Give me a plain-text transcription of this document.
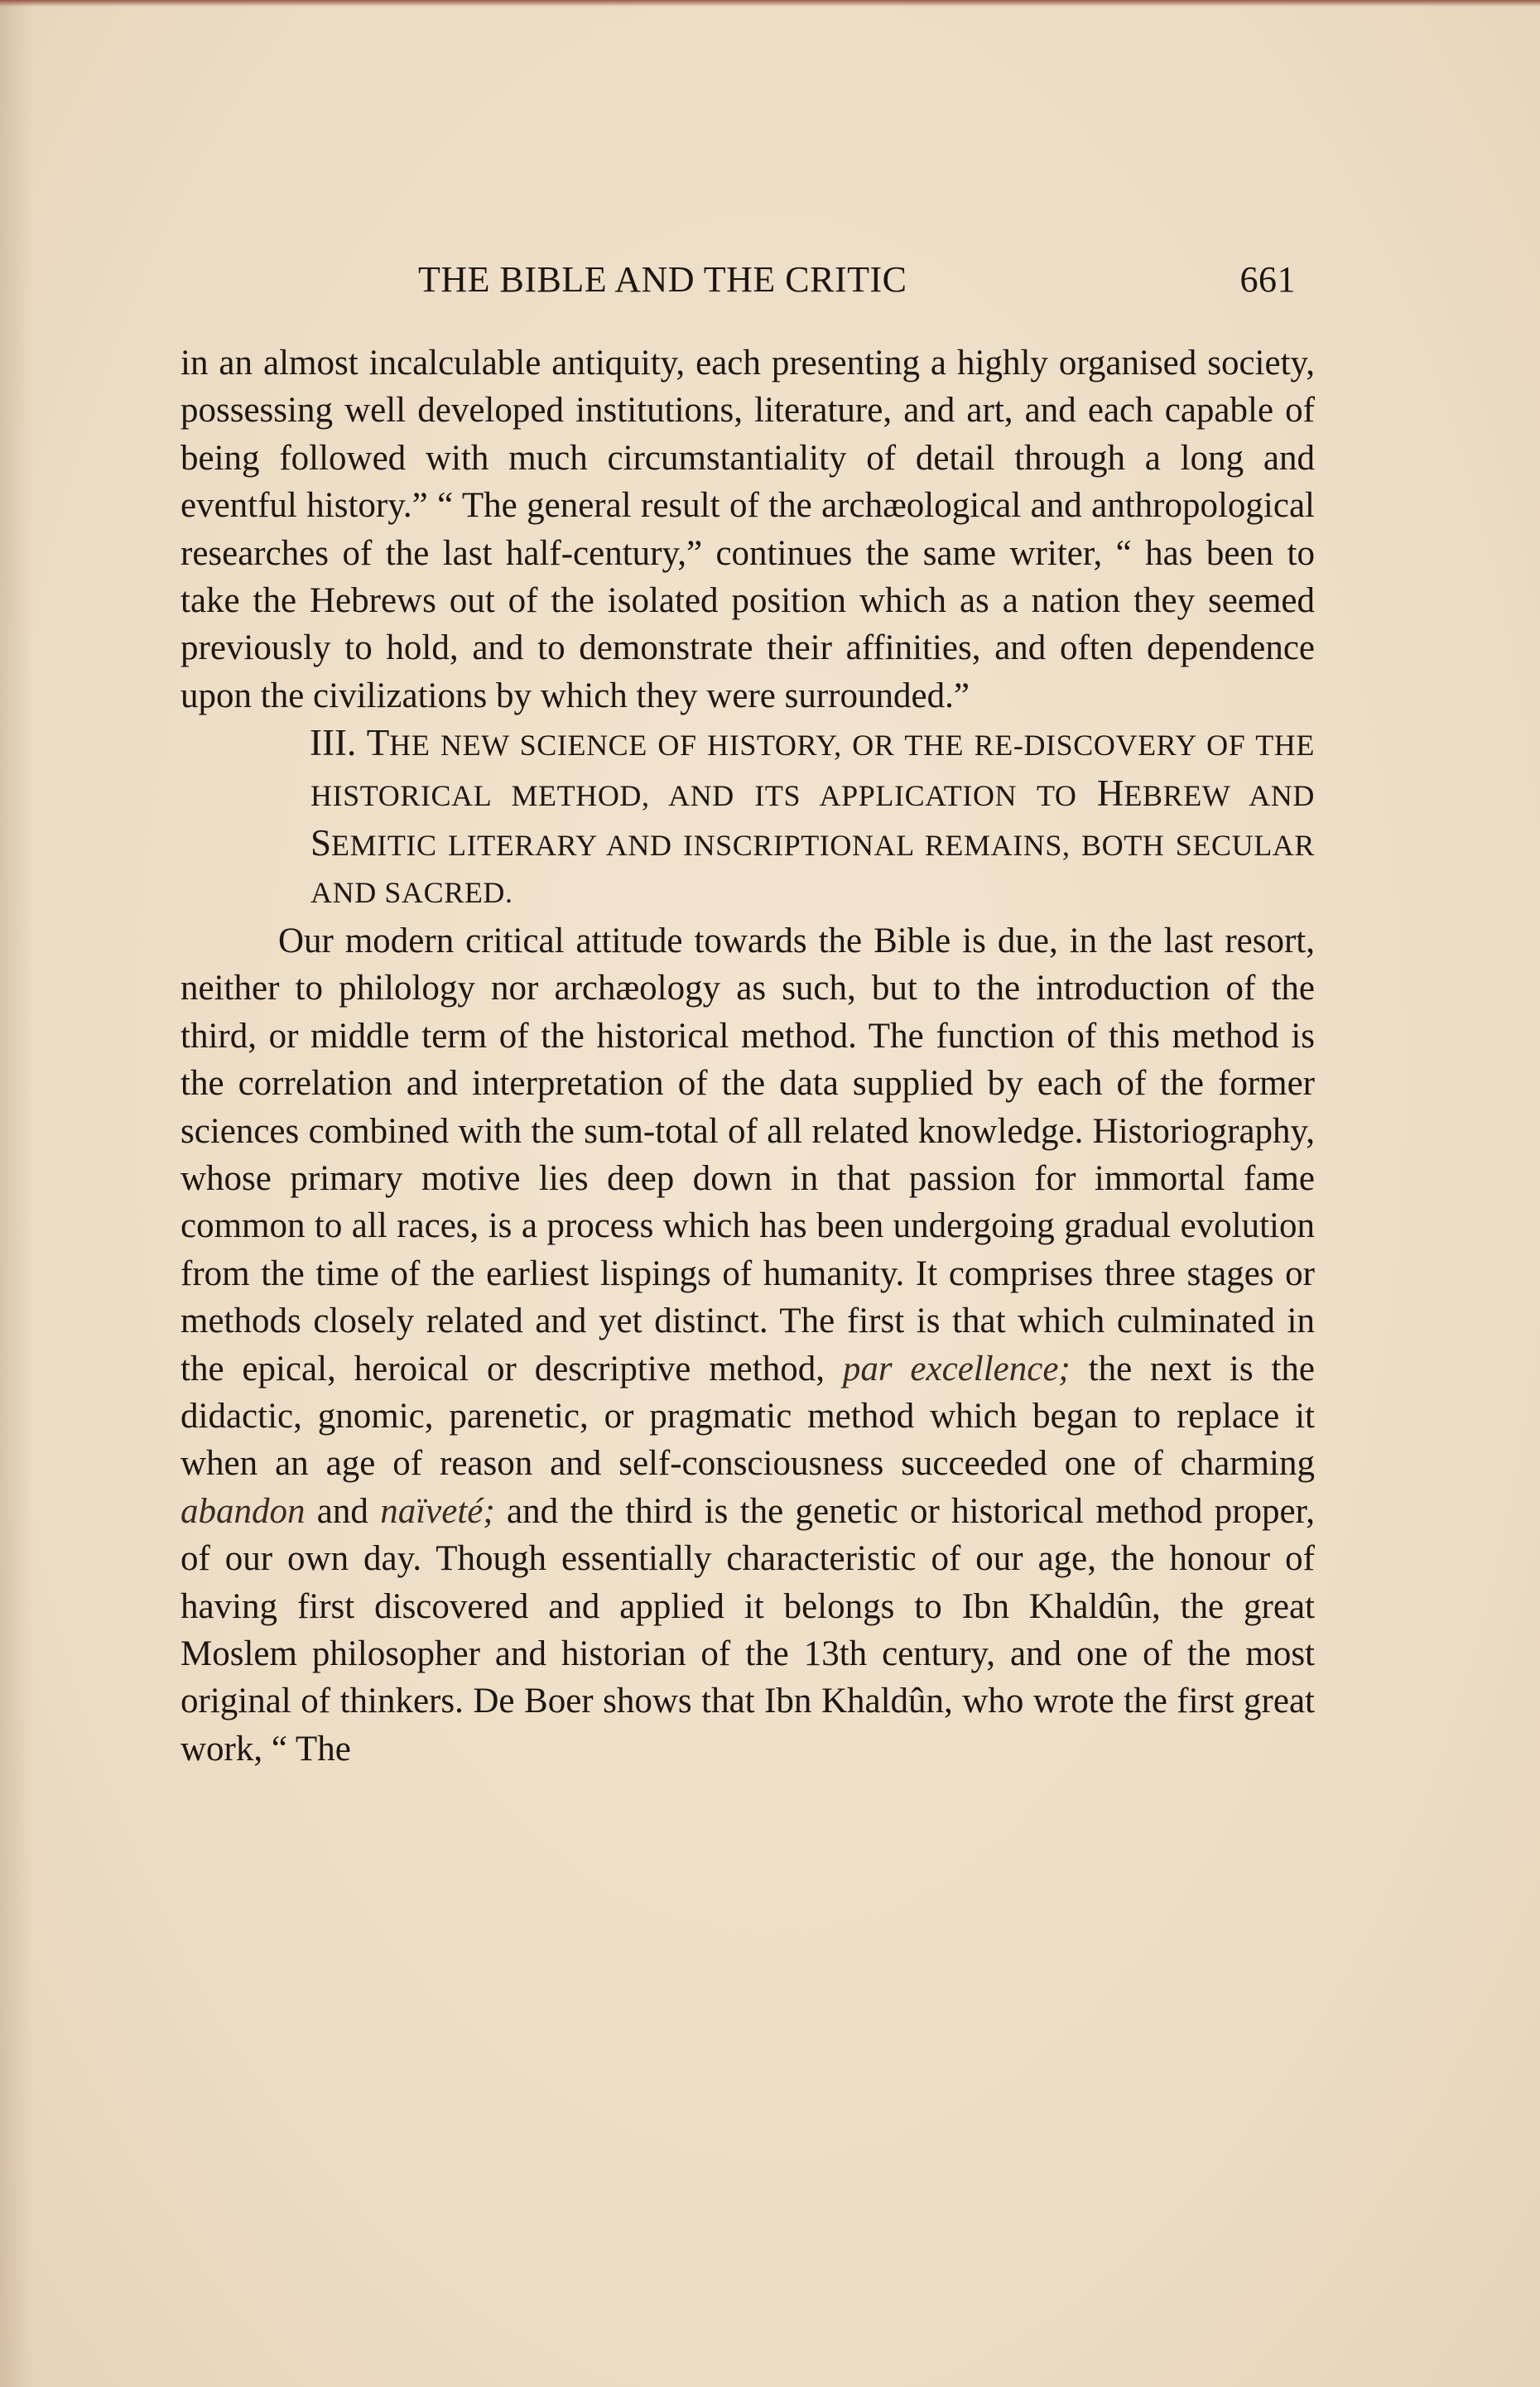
THE BIBLE AND THE CRITIC	661

in an almost incalculable antiquity, each presenting a highly organised society, possessing well developed institutions, literature, and art, and each capable of being followed with much circumstantiality of detail through a long and eventful history.” “ The general result of the archæological and anthropological researches of the last half-century,” continues the same writer, “ has been to take the Hebrews out of the isolated position which as a nation they seemed previously to hold, and to demonstrate their affinities, and often dependence upon the civilizations by which they were surrounded.”

III. THE NEW SCIENCE OF HISTORY, OR THE RE-DISCOVERY OF THE HISTORICAL METHOD, AND ITS APPLICATION TO HEBREW AND SEMITIC LITERARY AND INSCRIPTIONAL REMAINS, BOTH SECULAR AND SACRED.

Our modern critical attitude towards the Bible is due, in the last resort, neither to philology nor archæology as such, but to the introduction of the third, or middle term of the historical method. The function of this method is the correlation and interpretation of the data supplied by each of the former sciences combined with the sum-total of all related knowledge. Historiography, whose primary motive lies deep down in that passion for immortal fame common to all races, is a process which has been undergoing gradual evolution from the time of the earliest lispings of humanity. It comprises three stages or methods closely related and yet distinct. The first is that which culminated in the epical, heroical or descriptive method, par excellence; the next is the didactic, gnomic, parenetic, or pragmatic method which began to replace it when an age of reason and self-consciousness succeeded one of charming abandon and naïveté; and the third is the genetic or historical method proper, of our own day. Though essentially characteristic of our age, the honour of having first discovered and applied it belongs to Ibn Khaldûn, the great Moslem philosopher and historian of the 13th century, and one of the most original of thinkers. De Boer shows that Ibn Khaldûn, who wrote the first great work, “ The
